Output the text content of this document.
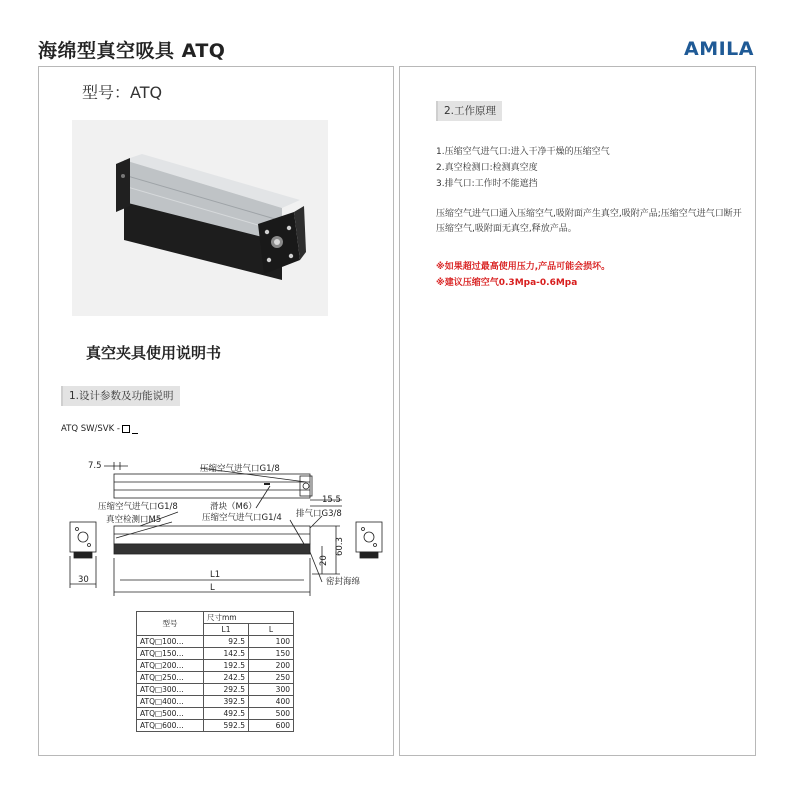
海绵型真空吸具 ATQ	AMILA
型号：ATQ
真空夹具使用说明书
1.设计参数及功能说明
ATQ SW/SVK -
7.5	压缩空气进气口G1/8
压缩空气进气口G1/8
真空检测口M5
滑块（M6）
15.5
压缩空气进气口G1/4 排气口G3/8
30	L1
L
密封海绵
20
60.3
型号	尺寸mm	
	L1	L
ATQ□100...	92.5	100
ATQ□150...	142.5	150
ATQ□200...	192.5	200
ATQ□250...	242.5	250
ATQ□300...	292.5	300
ATQ□400...	392.5	400
ATQ□500...	492.5	500
ATQ□600...	592.5	600
2.工作原理
1.压缩空气进气口:进入干净干燥的压缩空气
2.真空检测口:检测真空度
3.排气口:工作时不能遮挡
压缩空气进气口通入压缩空气,吸附面产生真空,吸附产品;压缩空气进气口断开压缩空气,吸附面无真空,释放产品。
※如果超过最高使用压力,产品可能会损坏。
※建议压缩空气0.3Mpa-0.6Mpa
